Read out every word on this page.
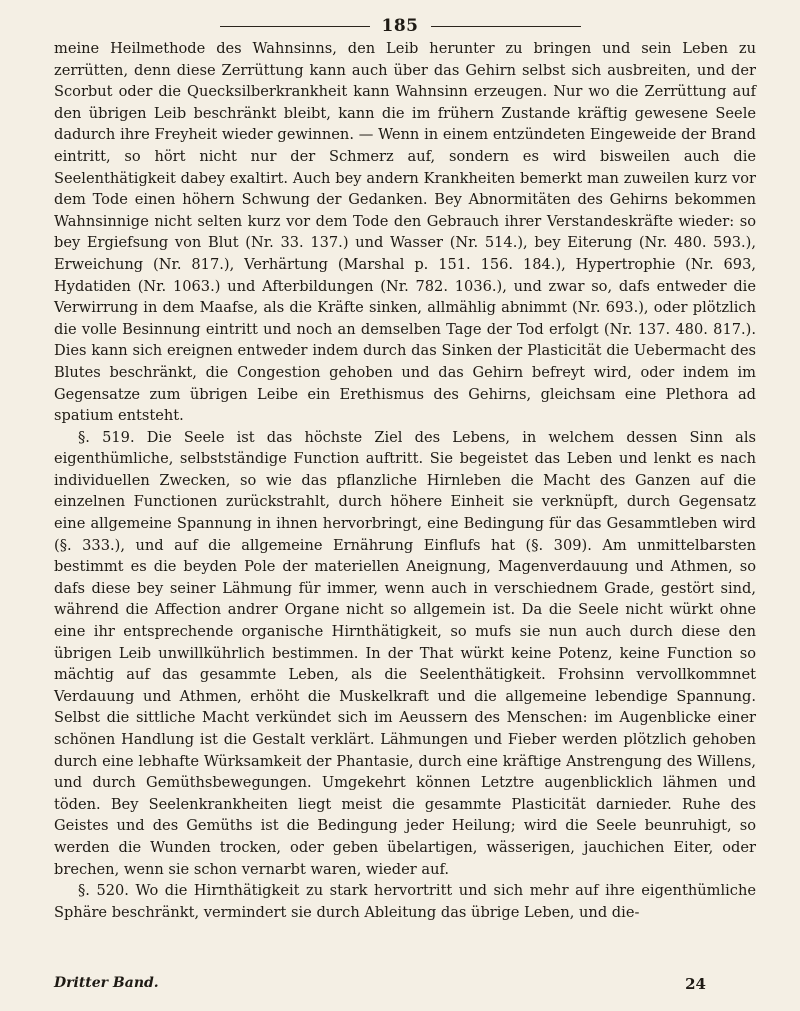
185

meine Heilmethode des Wahnsinns, den Leib herunter zu bringen und sein Leben zu zerrütten, denn diese Zerrüttung kann auch über das Gehirn selbst sich ausbreiten, und der Scorbut oder die Quecksilberkrankheit kann Wahnsinn erzeugen. Nur wo die Zerrüttung auf den übrigen Leib beschränkt bleibt, kann die im frühern Zustande kräftig gewesene Seele dadurch ihre Freyheit wieder gewinnen. — Wenn in einem entzündeten Eingeweide der Brand eintritt, so hört nicht nur der Schmerz auf, sondern es wird bisweilen auch die Seelenthätigkeit dabey exaltirt. Auch bey andern Krankheiten bemerkt man zuweilen kurz vor dem Tode einen höhern Schwung der Gedanken. Bey Abnormitäten des Gehirns bekommen Wahnsinnige nicht selten kurz vor dem Tode den Gebrauch ihrer Verstandeskräfte wieder: so bey Ergiefsung von Blut (Nr. 33. 137.) und Wasser (Nr. 514.), bey Eiterung (Nr. 480. 593.), Erweichung (Nr. 817.), Verhärtung (Marshal p. 151. 156. 184.), Hypertrophie (Nr. 693, Hydatiden (Nr. 1063.) und Afterbildungen (Nr. 782. 1036.), und zwar so, dafs entweder die Verwirrung in dem Maafse, als die Kräfte sinken, allmählig abnimmt (Nr. 693.), oder plötzlich die volle Besinnung eintritt und noch an demselben Tage der Tod erfolgt (Nr. 137. 480. 817.). Dies kann sich ereignen entweder indem durch das Sinken der Plasticität die Uebermacht des Blutes beschränkt, die Congestion gehoben und das Gehirn befreyt wird, oder indem im Gegensatze zum übrigen Leibe ein Erethismus des Gehirns, gleichsam eine Plethora ad spatium entsteht.

§. 519. Die Seele ist das höchste Ziel des Lebens, in welchem dessen Sinn als eigenthümliche, selbstständige Function auftritt. Sie begeistet das Leben und lenkt es nach individuellen Zwecken, so wie das pflanzliche Hirnleben die Macht des Ganzen auf die einzelnen Functionen zurückstrahlt, durch höhere Einheit sie verknüpft, durch Gegensatz eine allgemeine Spannung in ihnen hervorbringt, eine Bedingung für das Gesammtleben wird (§. 333.), und auf die allgemeine Ernährung Einflufs hat (§. 309). Am unmittelbarsten bestimmt es die beyden Pole der materiellen Aneignung, Magenverdauung und Athmen, so dafs diese bey seiner Lähmung für immer, wenn auch in verschiednem Grade, gestört sind, während die Affection andrer Organe nicht so allgemein ist. Da die Seele nicht würkt ohne eine ihr entsprechende organische Hirnthätigkeit, so mufs sie nun auch durch diese den übrigen Leib unwillkührlich bestimmen. In der That würkt keine Potenz, keine Function so mächtig auf das gesammte Leben, als die Seelenthätigkeit. Frohsinn vervollkommnet Verdauung und Athmen, erhöht die Muskelkraft und die allgemeine lebendige Spannung. Selbst die sittliche Macht verkündet sich im Aeussern des Menschen: im Augenblicke einer schönen Handlung ist die Gestalt verklärt. Lähmungen und Fieber werden plötzlich gehoben durch eine lebhafte Würksamkeit der Phantasie, durch eine kräftige Anstrengung des Willens, und durch Gemüthsbewegungen. Umgekehrt können Letztre augenblicklich lähmen und töden. Bey Seelenkrankheiten liegt meist die gesammte Plasticität darnieder. Ruhe des Geistes und des Gemüths ist die Bedingung jeder Heilung; wird die Seele beunruhigt, so werden die Wunden trocken, oder geben übelartigen, wässerigen, jauchichen Eiter, oder brechen, wenn sie schon vernarbt waren, wieder auf.

§. 520. Wo die Hirnthätigkeit zu stark hervortritt und sich mehr auf ihre eigenthümliche Sphäre beschränkt, vermindert sie durch Ableitung das übrige Leben, und die-

Dritter Band.	24
